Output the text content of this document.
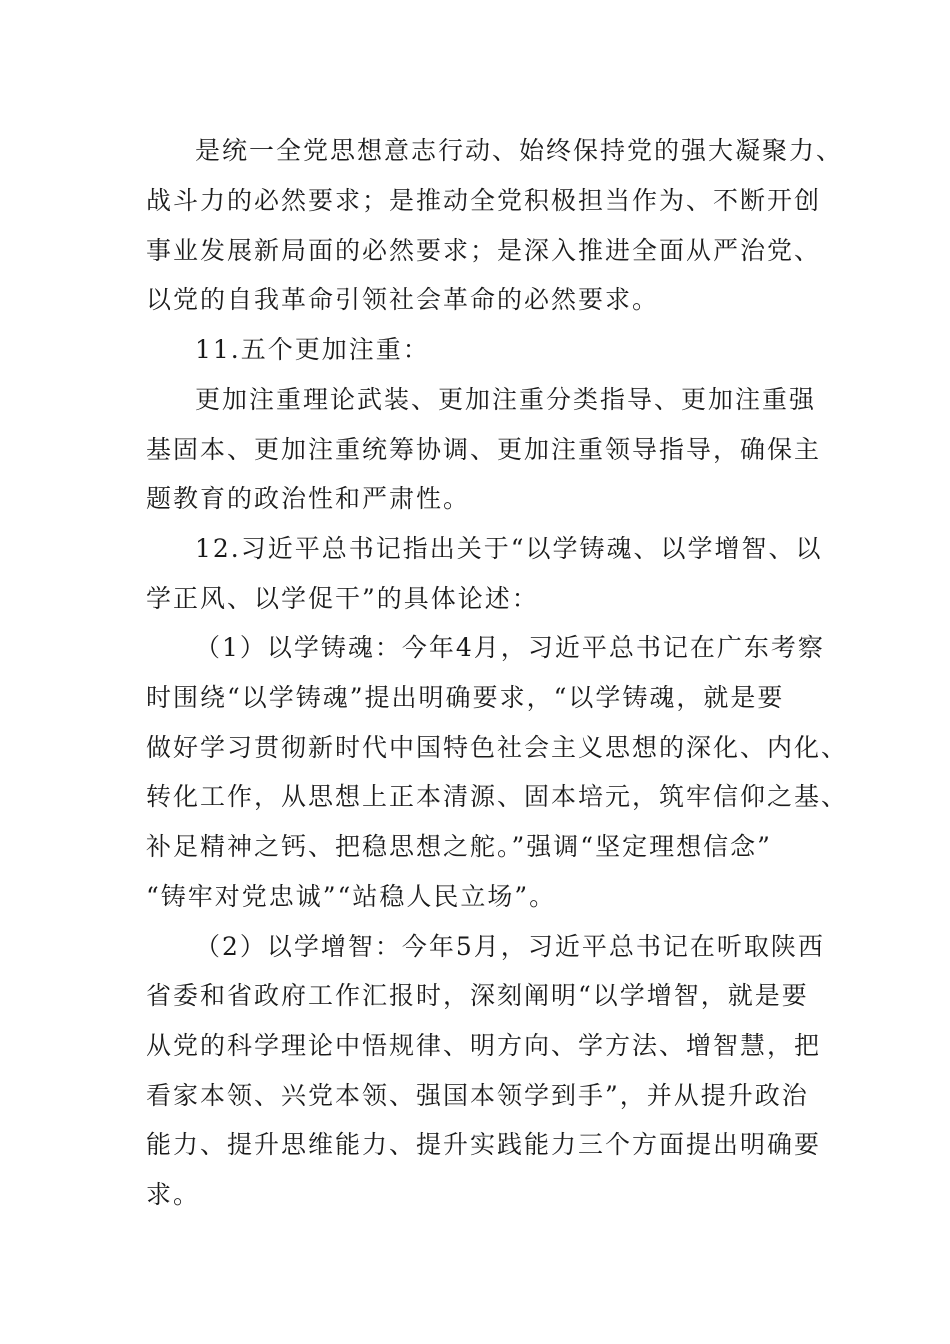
是统一全党思想意志行动、始终保持党的强大凝聚力、
战斗力的必然要求；是推动全党积极担当作为、不断开创
事业发展新局面的必然要求；是深入推进全面从严治党、
以党的自我革命引领社会革命的必然要求。
11.五个更加注重：
更加注重理论武装、更加注重分类指导、更加注重强
基固本、更加注重统筹协调、更加注重领导指导，确保主
题教育的政治性和严肃性。
12.习近平总书记指出关于“以学铸魂、以学增智、以
学正风、以学促干”的具体论述：
（1）以学铸魂：今年4月，习近平总书记在广东考察
时围绕“以学铸魂”提出明确要求，“以学铸魂，就是要
做好学习贯彻新时代中国特色社会主义思想的深化、内化、
转化工作，从思想上正本清源、固本培元，筑牢信仰之基、
补足精神之钙、把稳思想之舵。”强调“坚定理想信念”
“铸牢对党忠诚”“站稳人民立场”。
（2）以学增智：今年5月，习近平总书记在听取陕西
省委和省政府工作汇报时，深刻阐明“以学增智，就是要
从党的科学理论中悟规律、明方向、学方法、增智慧，把
看家本领、兴党本领、强国本领学到手”，并从提升政治
能力、提升思维能力、提升实践能力三个方面提出明确要
求。
